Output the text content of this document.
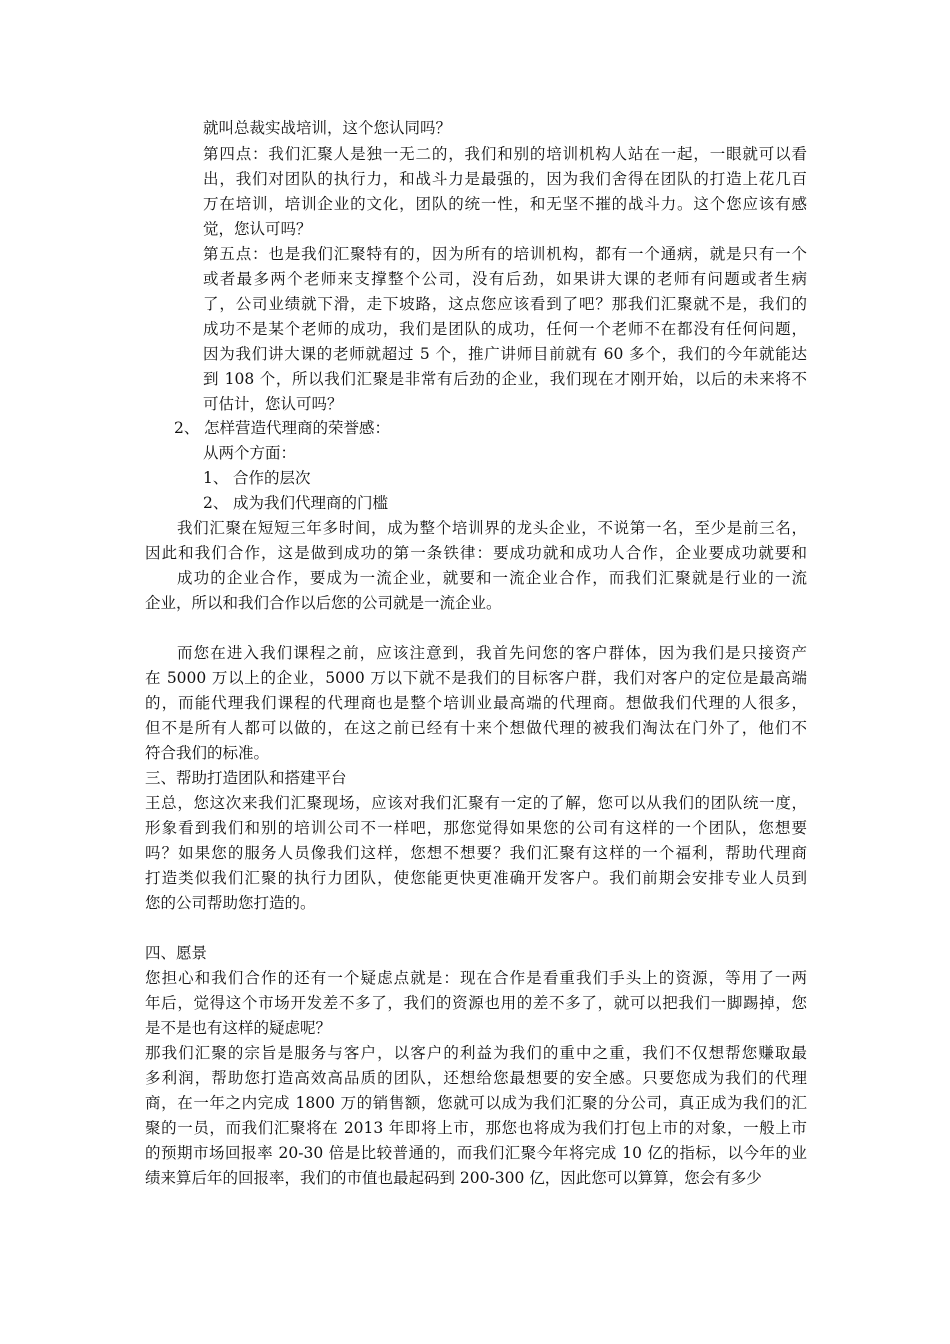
就叫总裁实战培训，这个您认同吗？
第四点：我们汇聚人是独一无二的，我们和别的培训机构人站在一起，一眼就可以看
出，我们对团队的执行力，和战斗力是最强的，因为我们舍得在团队的打造上花几百
万在培训，培训企业的文化，团队的统一性，和无坚不摧的战斗力。这个您应该有感
觉，您认可吗？
第五点：也是我们汇聚特有的，因为所有的培训机构，都有一个通病，就是只有一个
或者最多两个老师来支撑整个公司，没有后劲，如果讲大课的老师有问题或者生病
了，公司业绩就下滑，走下坡路，这点您应该看到了吧？那我们汇聚就不是，我们的
成功不是某个老师的成功，我们是团队的成功，任何一个老师不在都没有任何问题，
因为我们讲大课的老师就超过 5 个，推广讲师目前就有 60 多个，我们的今年就能达
到 108 个，所以我们汇聚是非常有后劲的企业，我们现在才刚开始，以后的未来将不
可估计，您认可吗？
2、 怎样营造代理商的荣誉感：
从两个方面：
1、 合作的层次
2、 成为我们代理商的门槛
我们汇聚在短短三年多时间，成为整个培训界的龙头企业，不说第一名，至少是前三名，
因此和我们合作，这是做到成功的第一条铁律：要成功就和成功人合作，企业要成功就要和
成功的企业合作，要成为一流企业，就要和一流企业合作，而我们汇聚就是行业的一流
企业，所以和我们合作以后您的公司就是一流企业。
而您在进入我们课程之前，应该注意到，我首先问您的客户群体，因为我们是只接资产
在 5000 万以上的企业，5000 万以下就不是我们的目标客户群，我们对客户的定位是最高端
的，而能代理我们课程的代理商也是整个培训业最高端的代理商。想做我们代理的人很多，
但不是所有人都可以做的，在这之前已经有十来个想做代理的被我们淘汰在门外了，他们不
符合我们的标准。
三、帮助打造团队和搭建平台
王总，您这次来我们汇聚现场，应该对我们汇聚有一定的了解，您可以从我们的团队统一度，
形象看到我们和别的培训公司不一样吧，那您觉得如果您的公司有这样的一个团队，您想要
吗？如果您的服务人员像我们这样，您想不想要？我们汇聚有这样的一个福利，帮助代理商
打造类似我们汇聚的执行力团队，使您能更快更准确开发客户。我们前期会安排专业人员到
您的公司帮助您打造的。
四、愿景
您担心和我们合作的还有一个疑虑点就是：现在合作是看重我们手头上的资源，等用了一两
年后，觉得这个市场开发差不多了，我们的资源也用的差不多了，就可以把我们一脚踢掉，您
是不是也有这样的疑虑呢？
那我们汇聚的宗旨是服务与客户，以客户的利益为我们的重中之重，我们不仅想帮您赚取最
多利润，帮助您打造高效高品质的团队，还想给您最想要的安全感。只要您成为我们的代理
商，在一年之内完成 1800 万的销售额，您就可以成为我们汇聚的分公司，真正成为我们的汇
聚的一员，而我们汇聚将在 2013 年即将上市，那您也将成为我们打包上市的对象，一般上市
的预期市场回报率 20-30 倍是比较普通的，而我们汇聚今年将完成 10 亿的指标，以今年的业
绩来算后年的回报率，我们的市值也最起码到 200-300 亿，因此您可以算算，您会有多少
